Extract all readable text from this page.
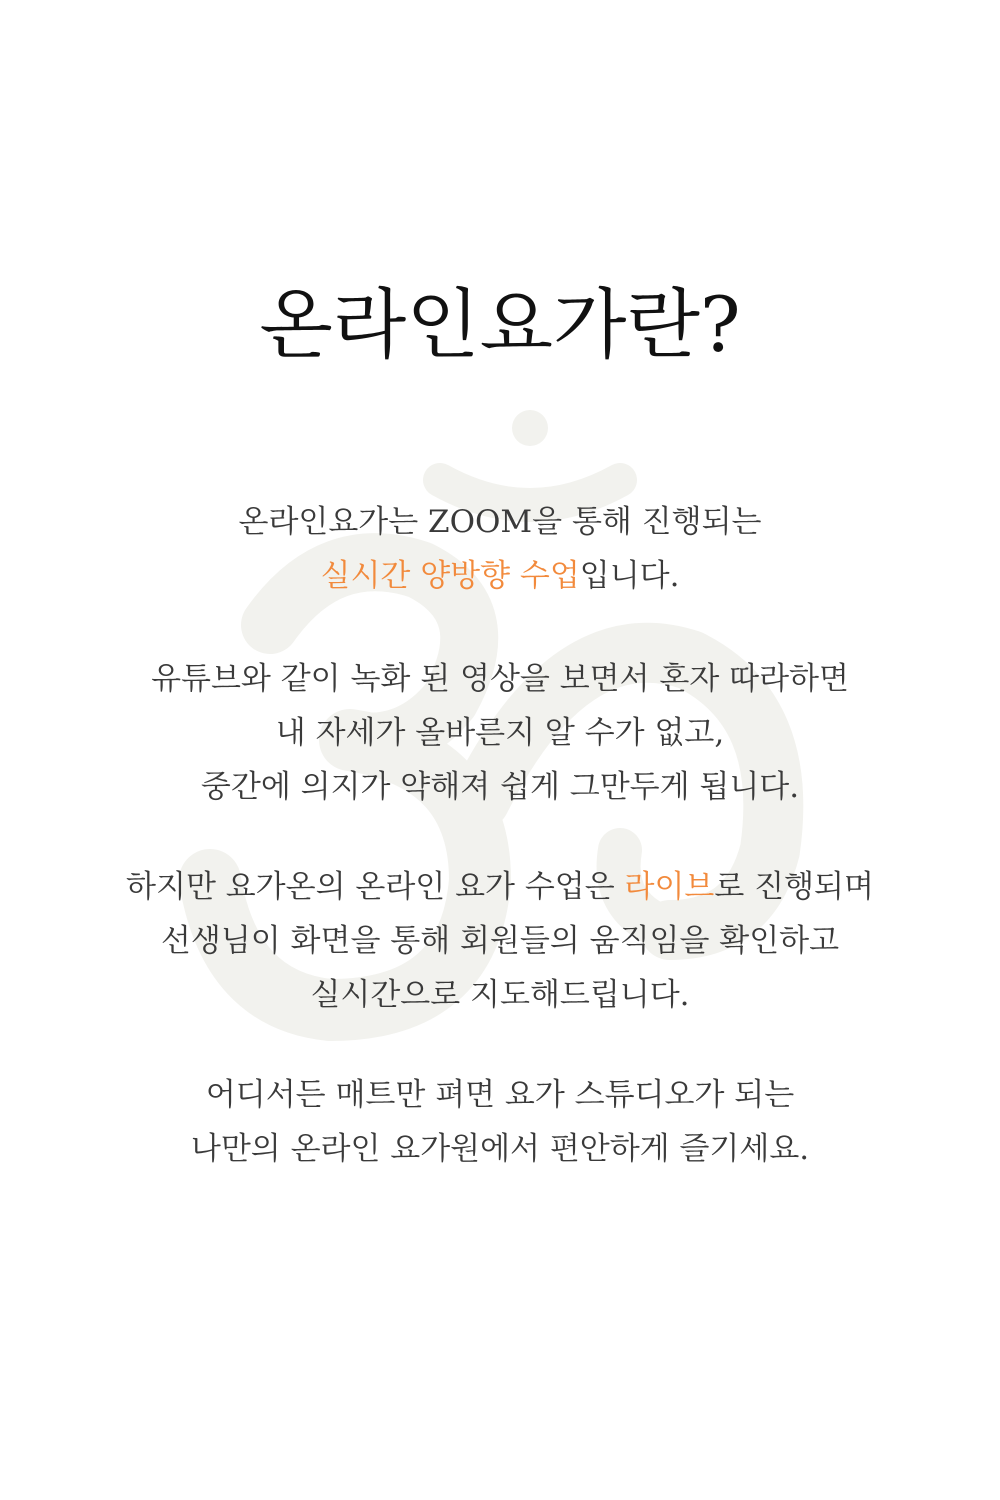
온라인요가란?

온라인요가는 ZOOM을 통해 진행되는
실시간 양방향 수업입니다.

유튜브와 같이 녹화 된 영상을 보면서 혼자 따라하면
내 자세가 올바른지 알 수가 없고,
중간에 의지가 약해져 쉽게 그만두게 됩니다.

하지만 요가온의 온라인 요가 수업은 라이브로 진행되며
선생님이 화면을 통해 회원들의 움직임을 확인하고
실시간으로 지도해드립니다.

어디서든 매트만 펴면 요가 스튜디오가 되는
나만의 온라인 요가원에서 편안하게 즐기세요.
